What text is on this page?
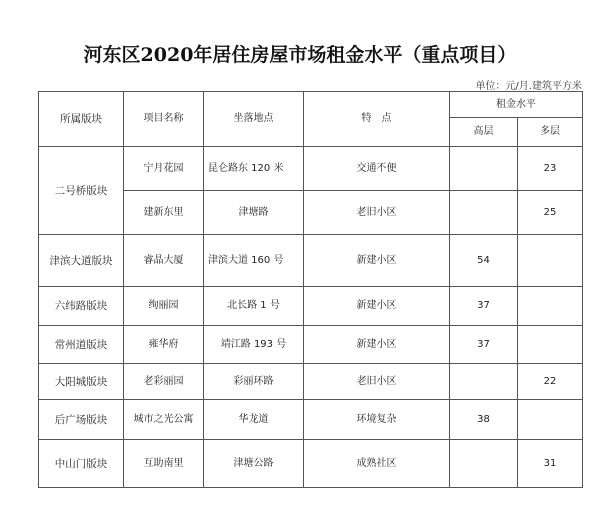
河东区2020年居住房屋市场租金水平（重点项目）
单位：元/月.建筑平方米
所属版块	项目名称	坐落地点	特　点	租金水平	
				高层	多层
二号桥版块	宁月花园	昆仑路东 120 米	交通不便		23
	建新东里	津塘路	老旧小区		25
津滨大道版块	睿晶大厦	津滨大道 160 号	新建小区	54	
六纬路版块	绚丽园	北长路 1 号	新建小区	37	
常州道版块	雍华府	靖江路 193 号	新建小区	37	
大阳城版块	老彩丽园	彩丽环路	老旧小区		22
后广场版块	城市之光公寓	华龙道	环境复杂	38	
中山门版块	互助南里	津塘公路	成熟社区		31
